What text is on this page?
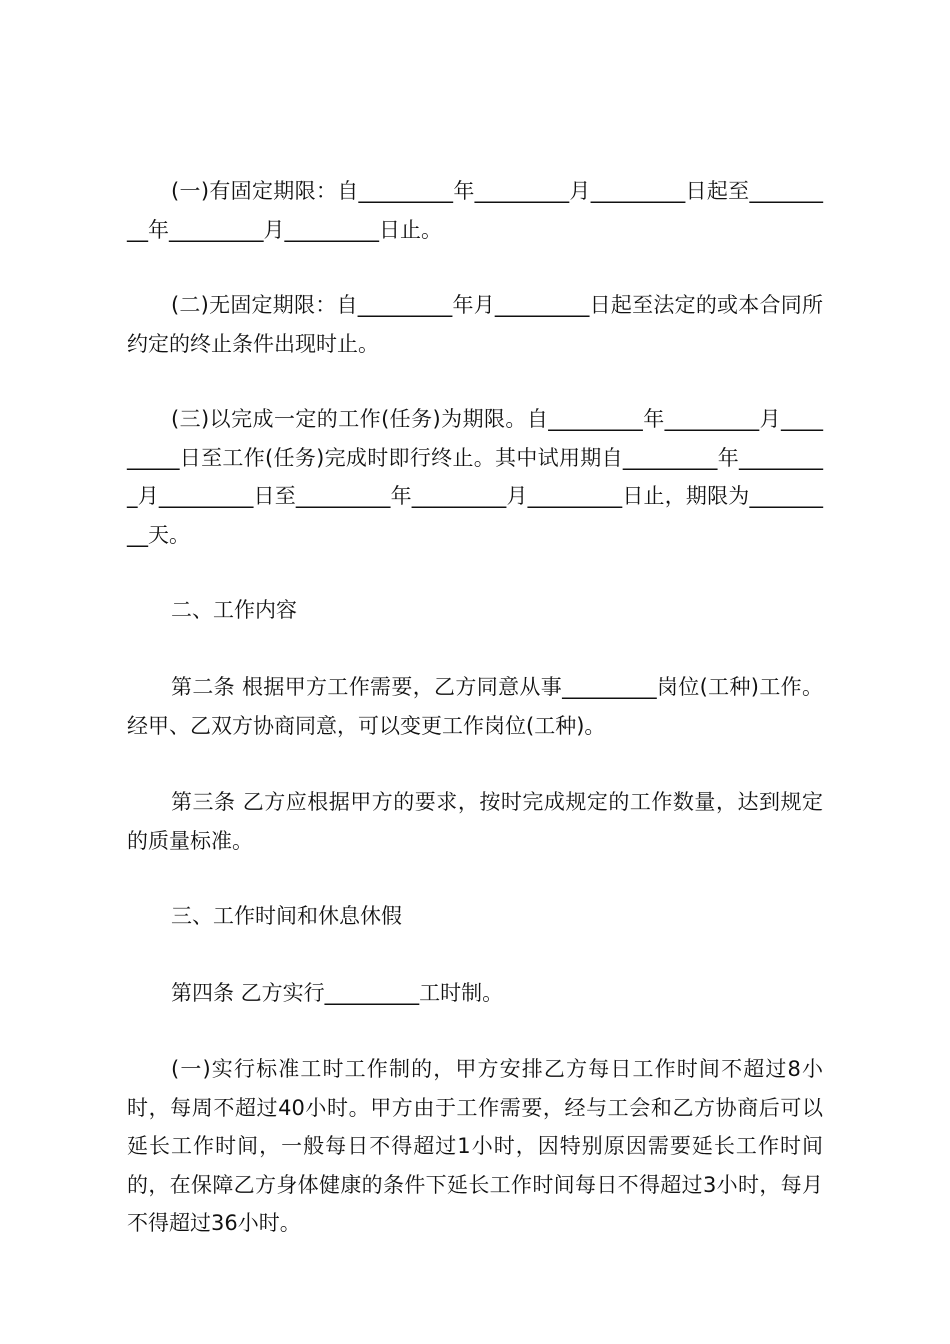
(一)有固定期限：自_________年_________月_________日起至_________年_________月_________日止。

(二)无固定期限：自_________年月_________日起至法定的或本合同所约定的终止条件出现时止。

(三)以完成一定的工作(任务)为期限。自_________年_________月_________日至工作(任务)完成时即行终止。其中试用期自_________年_________月_________日至_________年_________月_________日止，期限为_________天。

二、工作内容

第二条 根据甲方工作需要，乙方同意从事_________岗位(工种)工作。经甲、乙双方协商同意，可以变更工作岗位(工种)。

第三条 乙方应根据甲方的要求，按时完成规定的工作数量，达到规定的质量标准。

三、工作时间和休息休假

第四条 乙方实行_________工时制。

(一)实行标准工时工作制的，甲方安排乙方每日工作时间不超过8小时，每周不超过40小时。甲方由于工作需要，经与工会和乙方协商后可以延长工作时间，一般每日不得超过1小时，因特别原因需要延长工作时间的，在保障乙方身体健康的条件下延长工作时间每日不得超过3小时，每月不得超过36小时。
